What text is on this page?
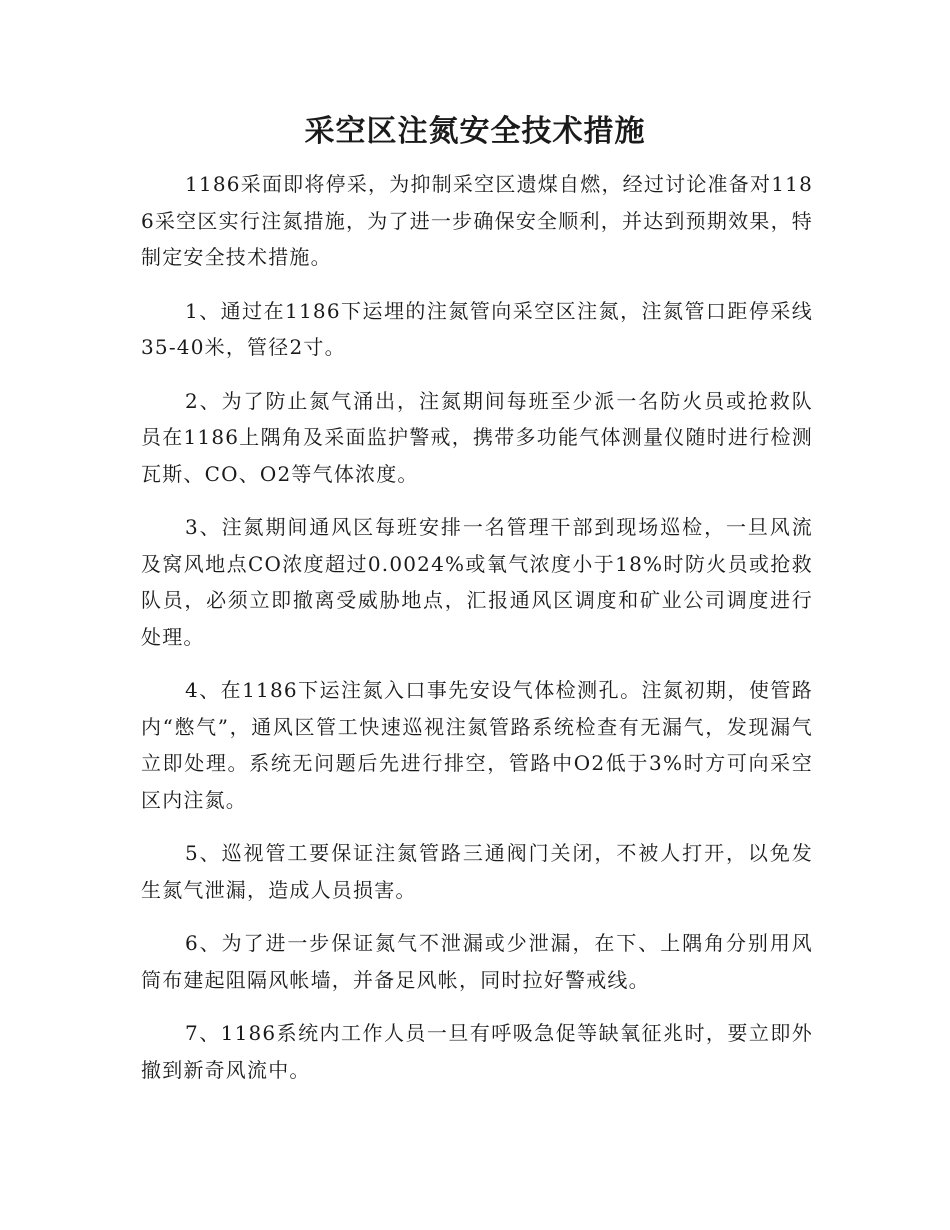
采空区注氮安全技术措施

1186采面即将停采，为抑制采空区遗煤自燃，经过讨论准备对1186采空区实行注氮措施，为了进一步确保安全顺利，并达到预期效果，特制定安全技术措施。

1、通过在1186下运埋的注氮管向采空区注氮，注氮管口距停采线35-40米，管径2寸。

2、为了防止氮气涌出，注氮期间每班至少派一名防火员或抢救队员在1186上隅角及采面监护警戒，携带多功能气体测量仪随时进行检测瓦斯、CO、O2等气体浓度。

3、注氮期间通风区每班安排一名管理干部到现场巡检，一旦风流及窝风地点CO浓度超过0.0024%或氧气浓度小于18%时防火员或抢救队员，必须立即撤离受威胁地点，汇报通风区调度和矿业公司调度进行处理。

4、在1186下运注氮入口事先安设气体检测孔。注氮初期，使管路内“憋气”，通风区管工快速巡视注氮管路系统检查有无漏气，发现漏气立即处理。系统无问题后先进行排空，管路中O2低于3%时方可向采空区内注氮。

5、巡视管工要保证注氮管路三通阀门关闭，不被人打开，以免发生氮气泄漏，造成人员损害。

6、为了进一步保证氮气不泄漏或少泄漏，在下、上隅角分别用风筒布建起阻隔风帐墙，并备足风帐，同时拉好警戒线。

7、1186系统内工作人员一旦有呼吸急促等缺氧征兆时，要立即外撤到新奇风流中。
